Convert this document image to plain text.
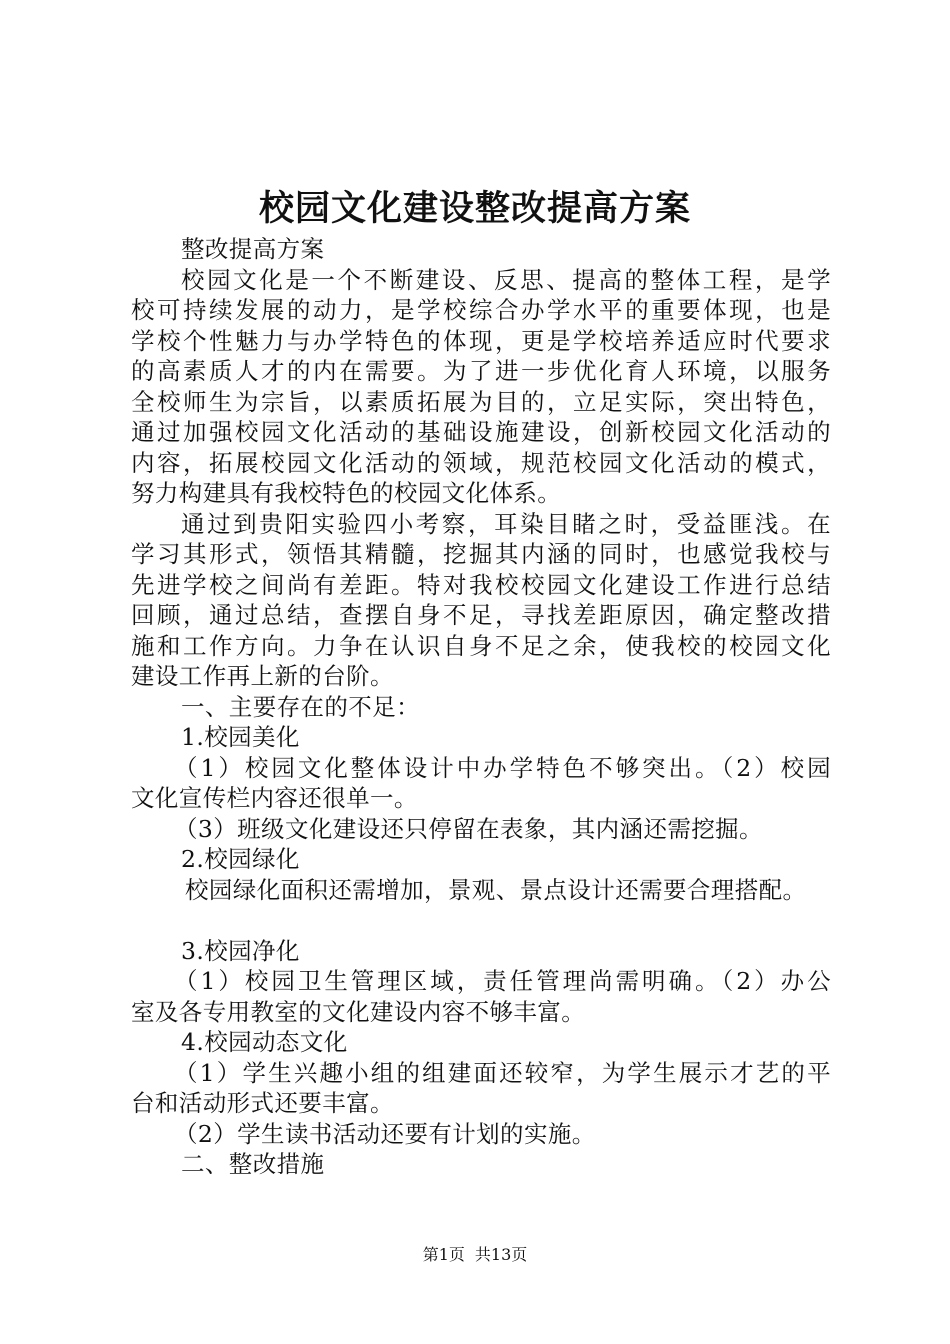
校园文化建设整改提高方案
整改提高方案
校园文化是一个不断建设、反思、提高的整体工程，是学
校可持续发展的动力，是学校综合办学水平的重要体现，也是
学校个性魅力与办学特色的体现，更是学校培养适应时代要求
的高素质人才的内在需要。为了进一步优化育人环境，以服务
全校师生为宗旨，以素质拓展为目的，立足实际，突出特色，
通过加强校园文化活动的基础设施建设，创新校园文化活动的
内容，拓展校园文化活动的领域，规范校园文化活动的模式，
努力构建具有我校特色的校园文化体系。
通过到贵阳实验四小考察，耳染目睹之时，受益匪浅。在
学习其形式，领悟其精髓，挖掘其内涵的同时，也感觉我校与
先进学校之间尚有差距。特对我校校园文化建设工作进行总结
回顾，通过总结，查摆自身不足，寻找差距原因，确定整改措
施和工作方向。力争在认识自身不足之余，使我校的校园文化
建设工作再上新的台阶。
一、主要存在的不足：
1.校园美化
（1）校园文化整体设计中办学特色不够突出。（2）校园
文化宣传栏内容还很单一。
（3）班级文化建设还只停留在表象，其内涵还需挖掘。
2.校园绿化
校园绿化面积还需增加，景观、景点设计还需要合理搭配。
3.校园净化
（1）校园卫生管理区域，责任管理尚需明确。（2）办公
室及各专用教室的文化建设内容不够丰富。
4.校园动态文化
（1）学生兴趣小组的组建面还较窄，为学生展示才艺的平
台和活动形式还要丰富。
（2）学生读书活动还要有计划的实施。
二、整改措施
第1页 共13页
